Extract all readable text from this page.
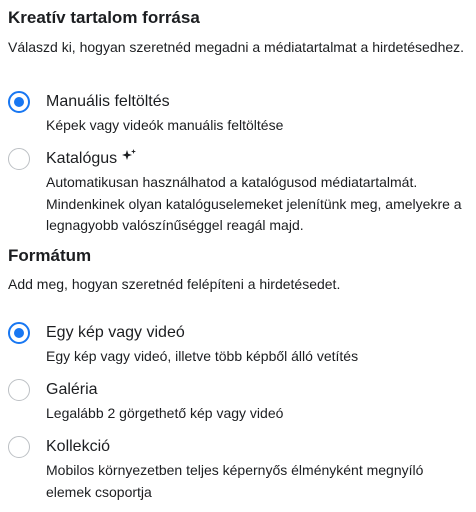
Kreatív tartalom forrása
Válaszd ki, hogyan szeretnéd megadni a médiatartalmat a hirdetésedhez.
Manuális feltöltés
Képek vagy videók manuális feltöltése
Katalógus
Automatikusan használhatod a katalógusod médiatartalmát. Mindenkinek olyan katalóguselemeket jelenítünk meg, amelyekre a legnagyobb valószínűséggel reagál majd.
Formátum
Add meg, hogyan szeretnéd felépíteni a hirdetésedet.
Egy kép vagy videó
Egy kép vagy videó, illetve több képből álló vetítés
Galéria
Legalább 2 görgethető kép vagy videó
Kollekció
Mobilos környezetben teljes képernyős élményként megnyíló elemek csoportja
